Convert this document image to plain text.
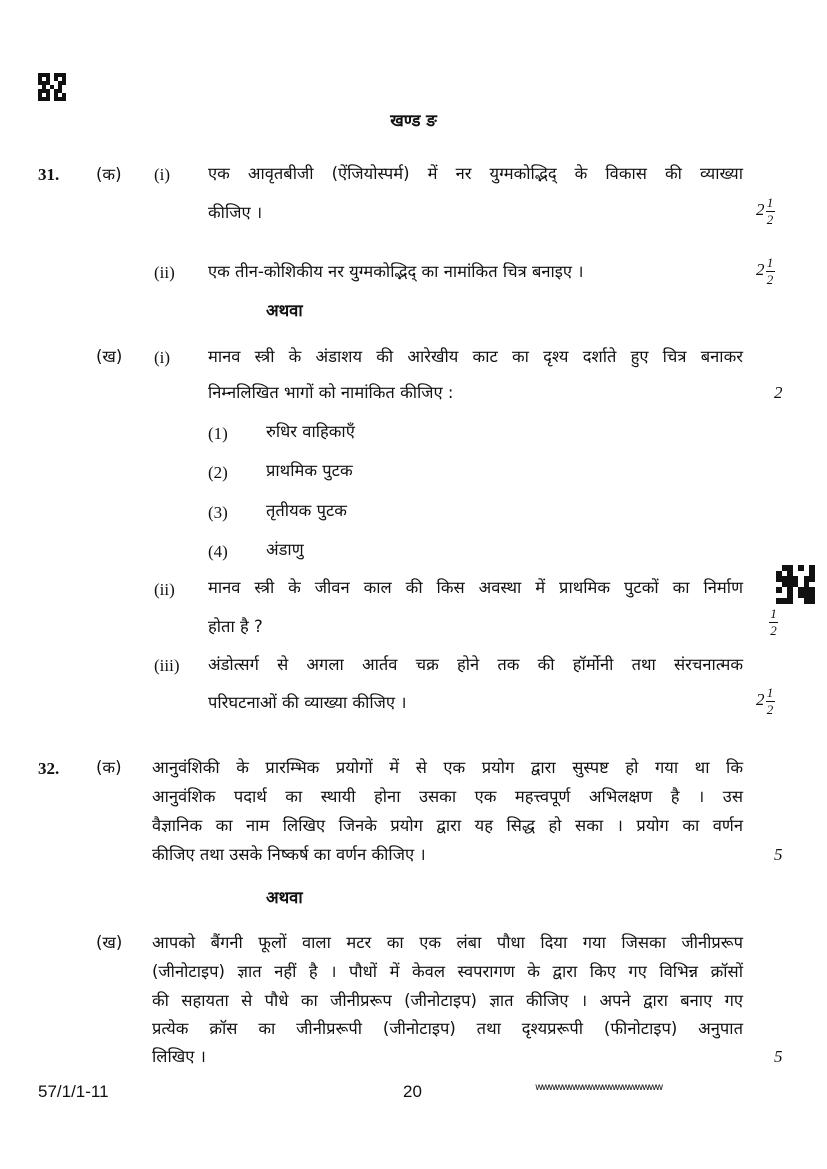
खण्ड ङ
31. (क) (i) एक आवृतबीजी (ऐंजियोस्पर्म) में नर युग्मकोद्भिद् के विकास की व्याख्या
कीजिए ।	$2 \frac{1}{2}$
(ii) एक तीन-कोशिकीय नर युग्मकोद्भिद् का नामांकित चित्र बनाइए ।	$2 \frac{1}{2}$
अथवा
(ख) (i) मानव स्त्री के अंडाशय की आरेखीय काट का दृश्य दर्शाते हुए चित्र बनाकर
निम्नलिखित भागों को नामांकित कीजिए :	2
(1) रुधिर वाहिकाएँ
(2) प्राथमिक पुटक
(3) तृतीयक पुटक
(4) अंडाणु
(ii) मानव स्त्री के जीवन काल की किस अवस्था में प्राथमिक पुटकों का निर्माण
होता है ?	$\frac{1}{2}$
(iii) अंडोत्सर्ग से अगला आर्तव चक्र होने तक की हॉर्मोनी तथा संरचनात्मक
परिघटनाओं की व्याख्या कीजिए ।	$2 \frac{1}{2}$
32. (क) आनुवंशिकी के प्रारम्भिक प्रयोगों में से एक प्रयोग द्वारा सुस्पष्ट हो गया था कि
आनुवंशिक पदार्थ का स्थायी होना उसका एक महत्त्वपूर्ण अभिलक्षण है । उस
वैज्ञानिक का नाम लिखिए जिनके प्रयोग द्वारा यह सिद्ध हो सका । प्रयोग का वर्णन
कीजिए तथा उसके निष्कर्ष का वर्णन कीजिए ।	5
अथवा
(ख) आपको बैंगनी फूलों वाला मटर का एक लंबा पौधा दिया गया जिसका जीनीप्ररूप
(जीनोटाइप) ज्ञात नहीं है । पौधों में केवल स्वपरागण के द्वारा किए गए विभिन्न क्रॉसों
की सहायता से पौधे का जीनीप्ररूप (जीनोटाइप) ज्ञात कीजिए । अपने द्वारा बनाए गए
प्रत्येक क्रॉस का जीनीप्ररूपी (जीनोटाइप) तथा दृश्यप्ररूपी (फीनोटाइप) अनुपात
लिखिए ।	5
57/1/1-11	20	wwwwwwwwwwwwwwwwwww
